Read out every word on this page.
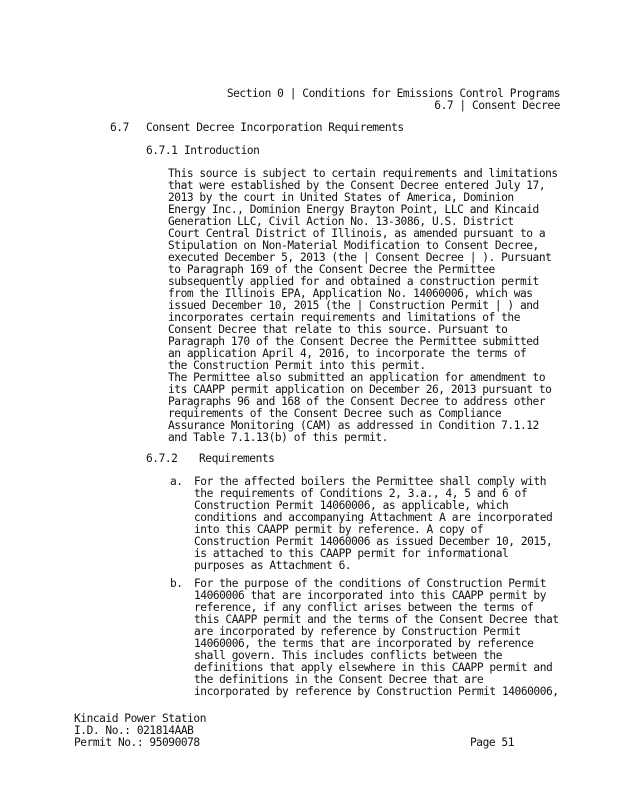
Section 0 | Conditions for Emissions Control Programs
6.7 | Consent Decree
6.7 Consent Decree Incorporation Requirements
6.7.1 Introduction
This source is subject to certain requirements and limitations
that were established by the Consent Decree entered July 17,
2013 by the court in United States of America, Dominion
Energy Inc., Dominion Energy Brayton Point, LLC and Kincaid
Generation LLC, Civil Action No. 13-3086, U.S. District
Court Central District of Illinois, as amended pursuant to a
Stipulation on Non-Material Modification to Consent Decree,
executed December 5, 2013 (the | Consent Decree | ). Pursuant
to Paragraph 169 of the Consent Decree the Permittee
subsequently applied for and obtained a construction permit
from the Illinois EPA, Application No. 14060006, which was
issued December 10, 2015 (the | Construction Permit | ) and
incorporates certain requirements and limitations of the
Consent Decree that relate to this source. Pursuant to
Paragraph 170 of the Consent Decree the Permittee submitted
an application April 4, 2016, to incorporate the terms of
the Construction Permit into this permit.
The Permittee also submitted an application for amendment to
its CAAPP permit application on December 26, 2013 pursuant to
Paragraphs 96 and 168 of the Consent Decree to address other
requirements of the Consent Decree such as Compliance
Assurance Monitoring (CAM) as addressed in Condition 7.1.12
and Table 7.1.13(b) of this permit.
6.7.2 Requirements
a. For the affected boilers the Permittee shall comply with
the requirements of Conditions 2, 3.a., 4, 5 and 6 of
Construction Permit 14060006, as applicable, which
conditions and accompanying Attachment A are incorporated
into this CAAPP permit by reference. A copy of
Construction Permit 14060006 as issued December 10, 2015,
is attached to this CAAPP permit for informational
purposes as Attachment 6.
b. For the purpose of the conditions of Construction Permit
14060006 that are incorporated into this CAAPP permit by
reference, if any conflict arises between the terms of
this CAAPP permit and the terms of the Consent Decree that
are incorporated by reference by Construction Permit
14060006, the terms that are incorporated by reference
shall govern. This includes conflicts between the
definitions that apply elsewhere in this CAAPP permit and
the definitions in the Consent Decree that are
incorporated by reference by Construction Permit 14060006,
Kincaid Power Station
I.D. No.: 021814AAB
Permit No.: 95090078	Page 51
